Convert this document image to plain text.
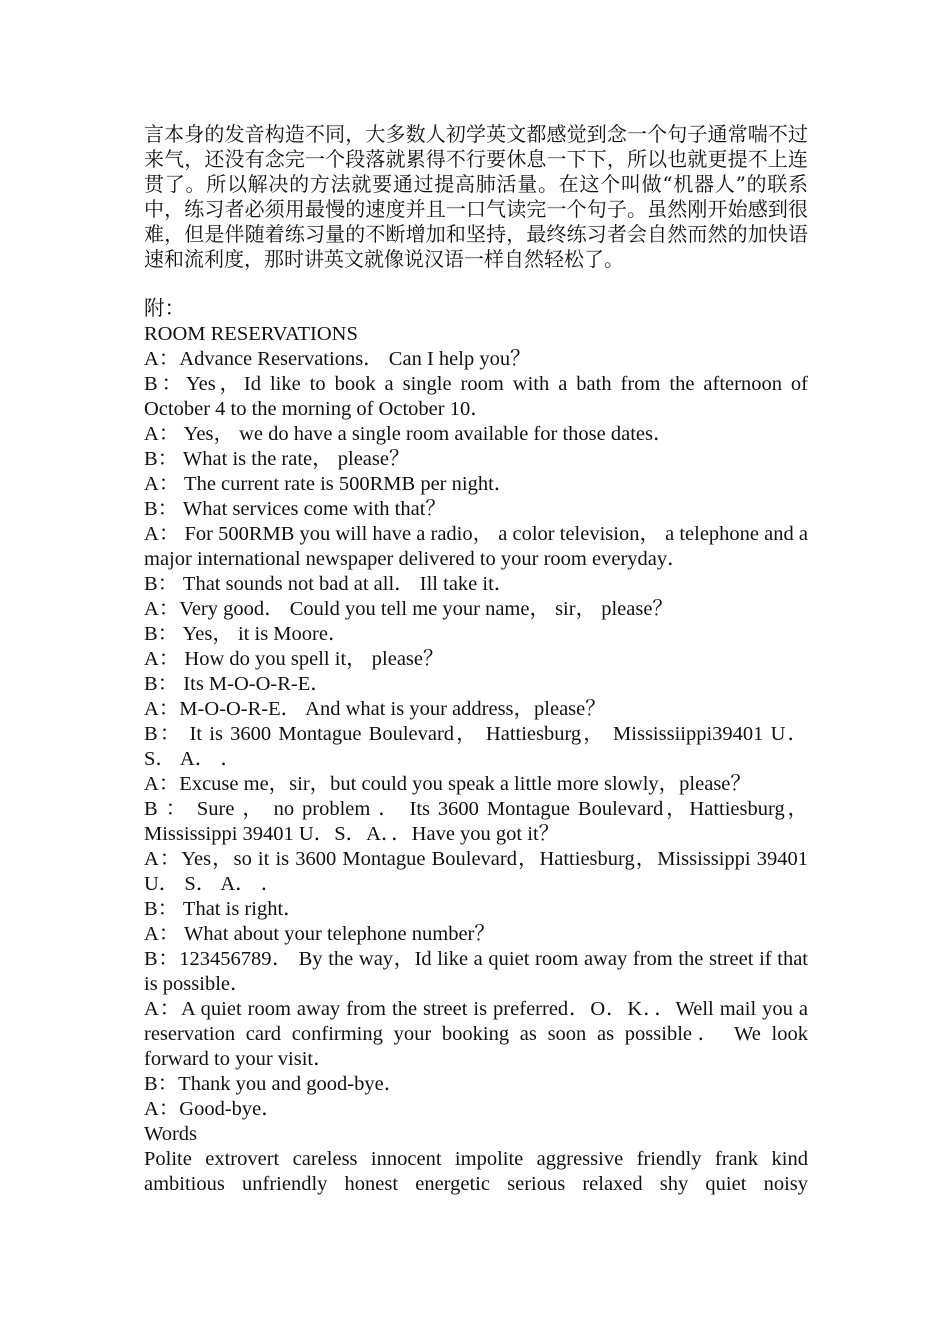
言本身的发音构造不同，大多数人初学英文都感觉到念一个句子通常喘不过来气，还没有念完一个段落就累得不行要休息一下下，所以也就更提不上连贯了。所以解决的方法就要通过提高肺活量。在这个叫做“机器人”的联系中，练习者必须用最慢的速度并且一口气读完一个句子。虽然刚开始感到很难，但是伴随着练习量的不断增加和坚持，最终练习者会自然而然的加快语速和流利度，那时讲英文就像说汉语一样自然轻松了。

附：

ROOM RESERVATIONS

A：Advance Reservations． Can I help you？

B：Yes，Id like to book a single room with a bath from the afternoon of October 4 to the morning of October 10．

A： Yes， we do have a single room available for those dates．

B： What is the rate， please？

A： The current rate is 500RMB per night．

B： What services come with that？

A： For 500RMB you will have a radio， a color television， a telephone and a major international newspaper delivered to your room everyday．

B： That sounds not bad at all． Ill take it．

A：Very good． Could you tell me your name， sir， please？

B： Yes， it is Moore．

A： How do you spell it， please？

B： Its M-O-O-R-E．

A：M-O-O-R-E． And what is your address，please？

B： It is 3600 Montague Boulevard， Hattiesburg， Mississiippi39401 U． S． A． ．

A：Excuse me，sir，but could you speak a little more slowly，please？

B ： Sure ， no problem ． Its 3600 Montague Boulevard，Hattiesburg，Mississippi 39401 U．S．A．．Have you got it？

A：Yes，so it is 3600 Montague Boulevard，Hattiesburg，Mississippi 39401 U． S． A． ．

B： That is right．

A： What about your telephone number？

B：123456789． By the way，Id like a quiet room away from the street if that is possible．

A：A quiet room away from the street is preferred．O．K．．Well mail you a reservation card confirming your booking as soon as possible． We look forward to your visit．

B：Thank you and good-bye．

A：Good-bye．

Words

Polite extrovert careless innocent impolite aggressive friendly frank kind ambitious unfriendly honest energetic serious relaxed shy quiet noisy
